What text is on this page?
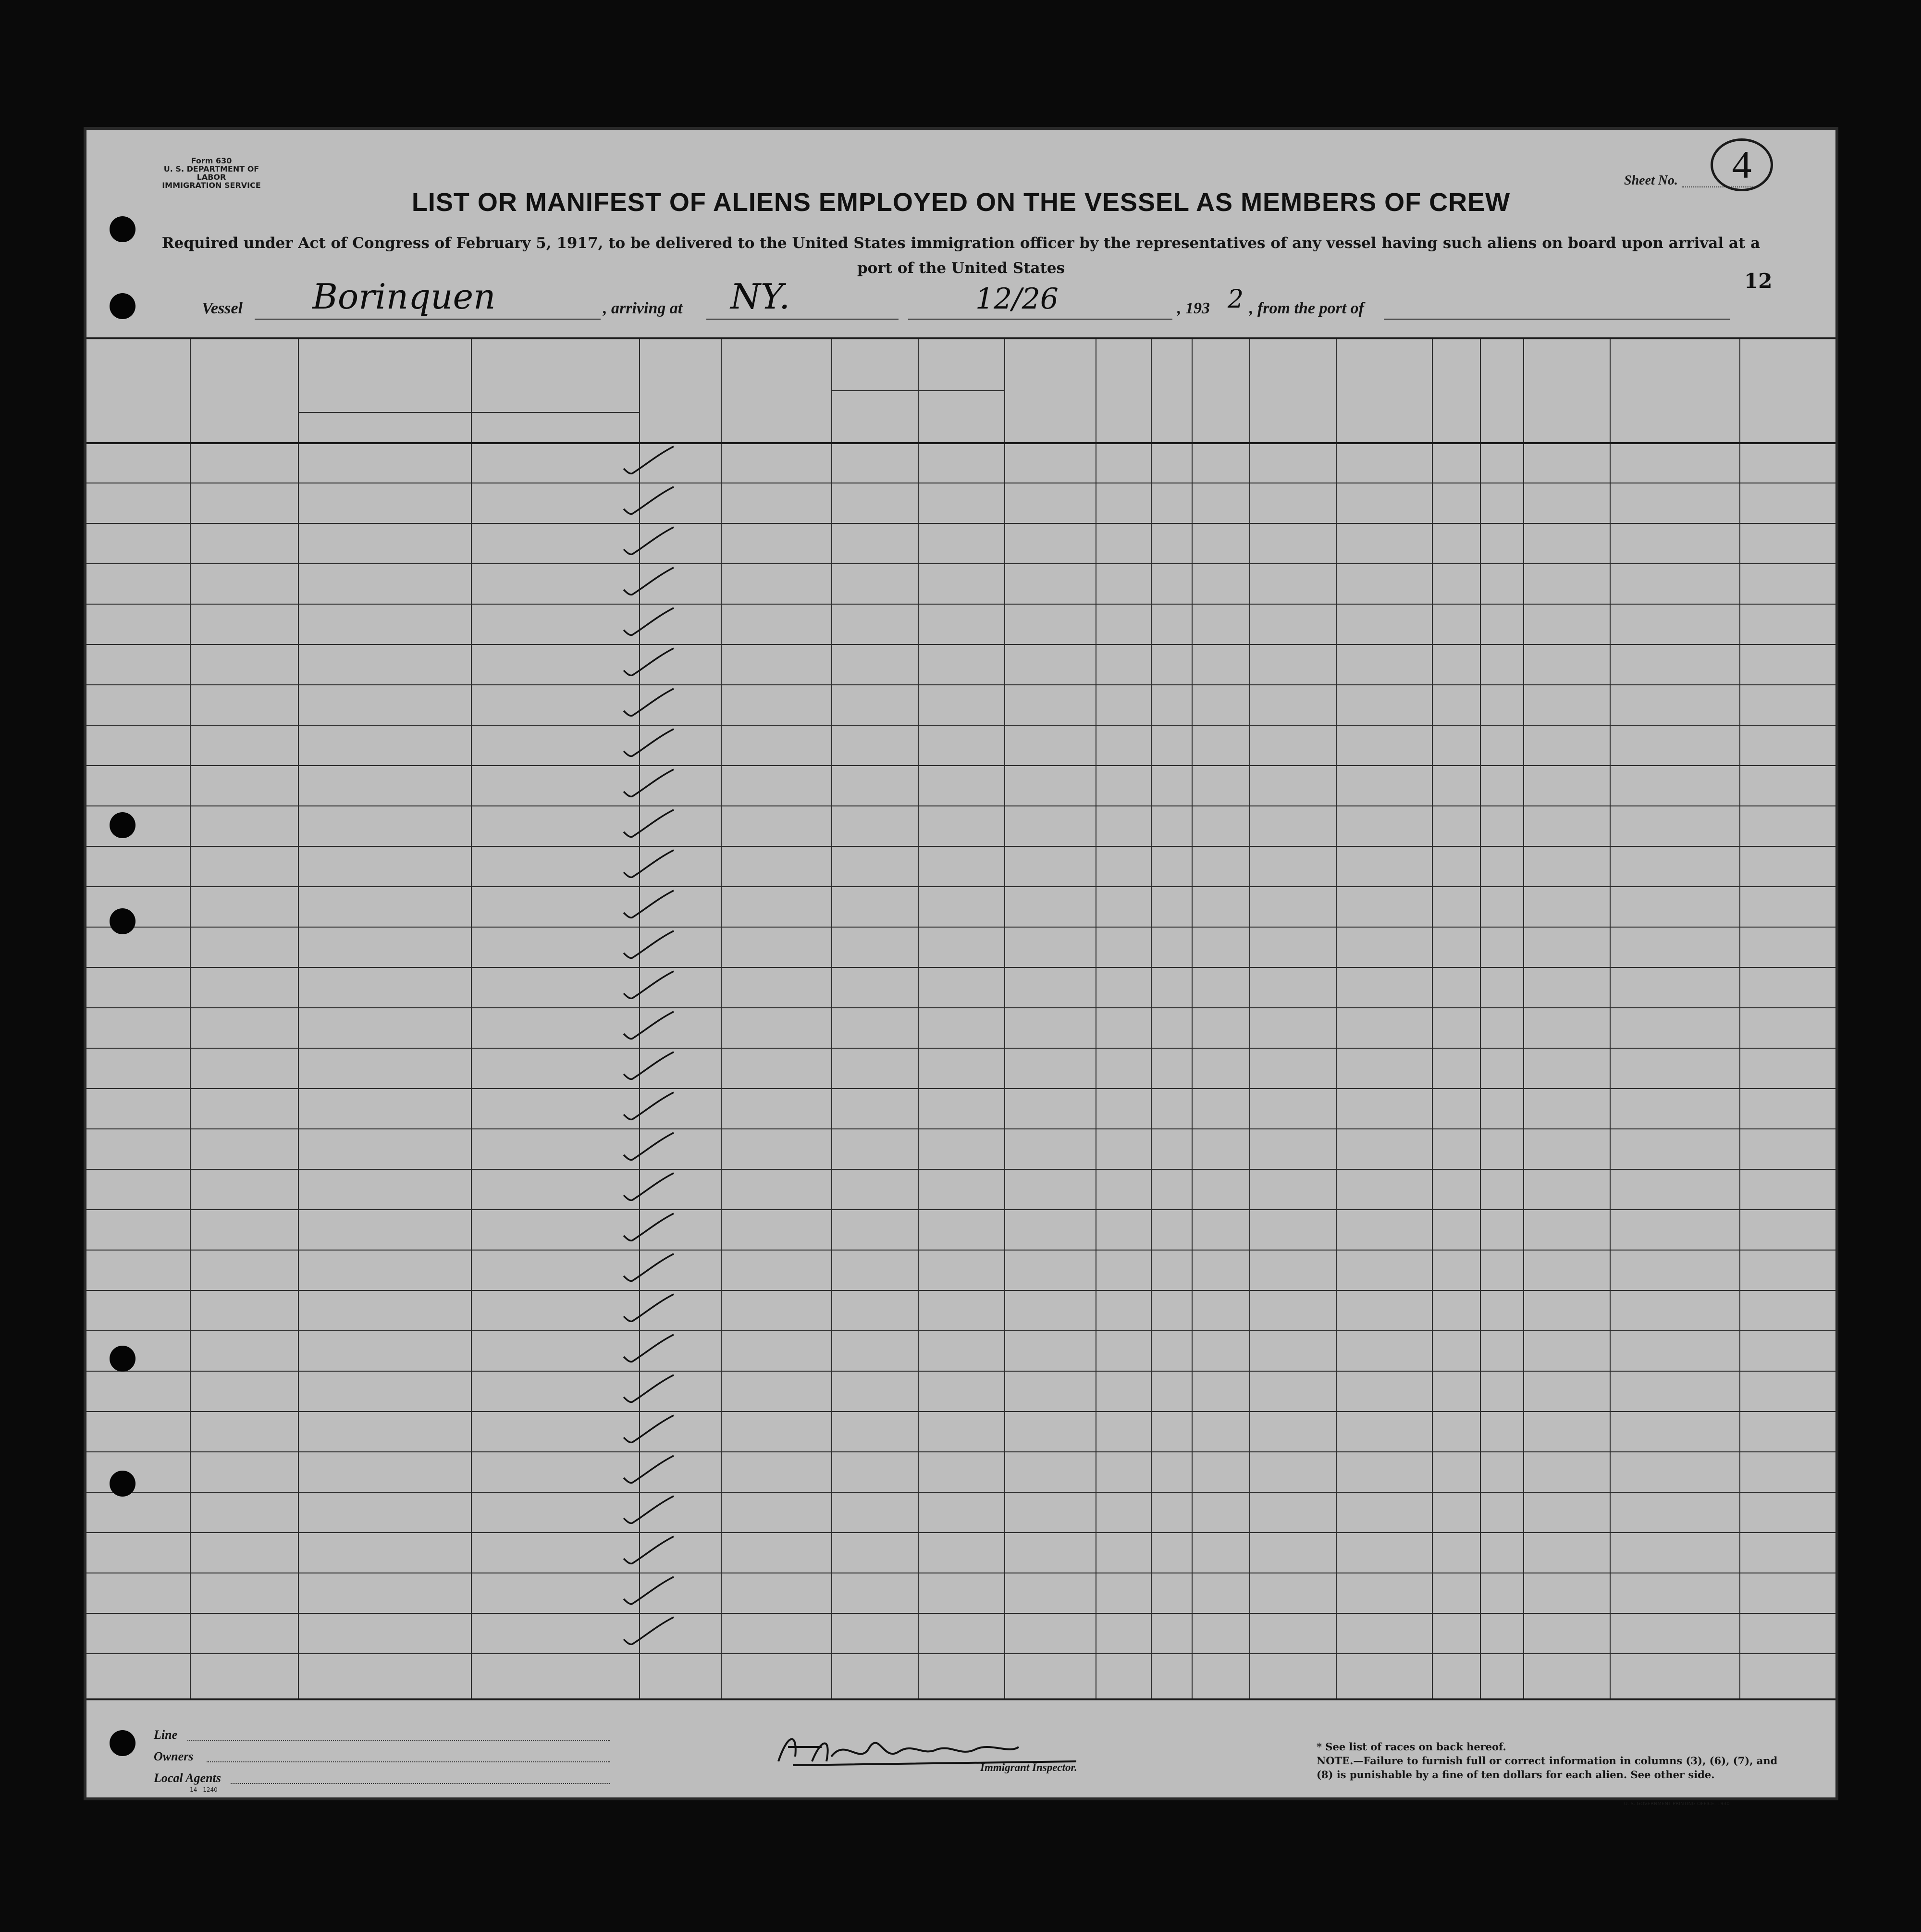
Form 630
U. S. DEPARTMENT OF LABOR
IMMIGRATION SERVICE	Sheet No.	4
LIST OR MANIFEST OF ALIENS EMPLOYED ON THE VESSEL AS MEMBERS OF CREW
Required under Act of Congress of February 5, 1917, to be delivered to the United States immigration officer by the representatives of any vessel having such aliens on board upon arrival at a port of the United States
Vessel Borinquen	, arriving at NY.	12/26	, 193 2 , from the port of
12
Line
Owners
Local Agents
14—1240
Immigrant Inspector.
* See list of races on back hereof.
NOTE.—Failure to furnish full or correct information in columns (3), (6), (7), and (8) is punishable by a fine of ten dollars for each alien. See other side.
U. S. GOVERNMENT PRINTING OFFICE: 1930
